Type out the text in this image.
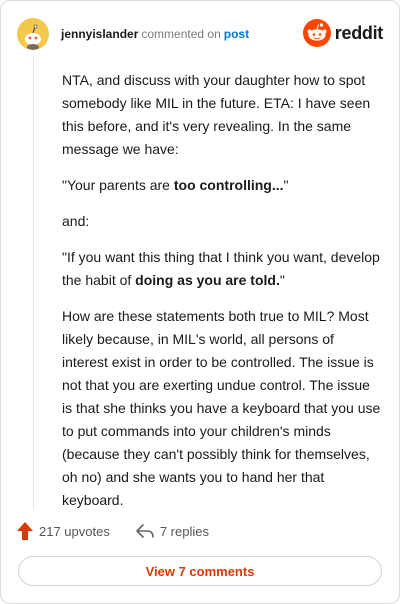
jennyislander commented on post	reddit

NTA, and discuss with your daughter how to spot somebody like MIL in the future. ETA: I have seen this before, and it's very revealing. In the same message we have:

"Your parents are too controlling..."

and:

"If you want this thing that I think you want, develop the habit of doing as you are told."

How are these statements both true to MIL? Most likely because, in MIL's world, all persons of interest exist in order to be controlled. The issue is not that you are exerting undue control. The issue is that she thinks you have a keyboard that you use to put commands into your children's minds (because they can't possibly think for themselves, oh no) and she wants you to hand her that keyboard.

217 upvotes	7 replies
View 7 comments
